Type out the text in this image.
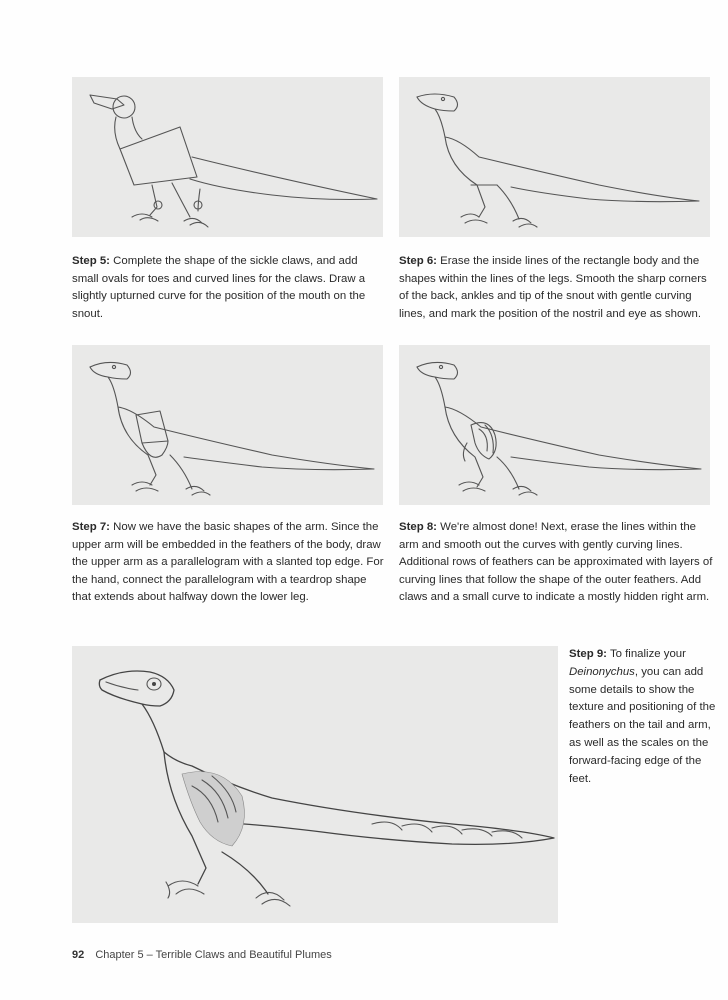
Step 5: Complete the shape of the sickle claws, and add small ovals for toes and curved lines for the claws. Draw a slightly upturned curve for the position of the mouth on the snout.
Step 6: Erase the inside lines of the rectangle body and the shapes within the lines of the legs. Smooth the sharp corners of the back, ankles and tip of the snout with gentle curving lines, and mark the position of the nostril and eye as shown.
Step 7: Now we have the basic shapes of the arm. Since the upper arm will be embedded in the feathers of the body, draw the upper arm as a parallelogram with a slanted top edge. For the hand, connect the parallelogram with a teardrop shape that extends about halfway down the lower leg.
Step 8: We're almost done! Next, erase the lines within the arm and smooth out the curves with gently curving lines. Additional rows of feathers can be approximated with layers of curving lines that follow the shape of the outer feathers. Add claws and a small curve to indicate a mostly hidden right arm.
Step 9: To finalize your Deinonychus, you can add some details to show the texture and positioning of the feathers on the tail and arm, as well as the scales on the forward-facing edge of the feet.
92 Chapter 5 – Terrible Claws and Beautiful Plumes
